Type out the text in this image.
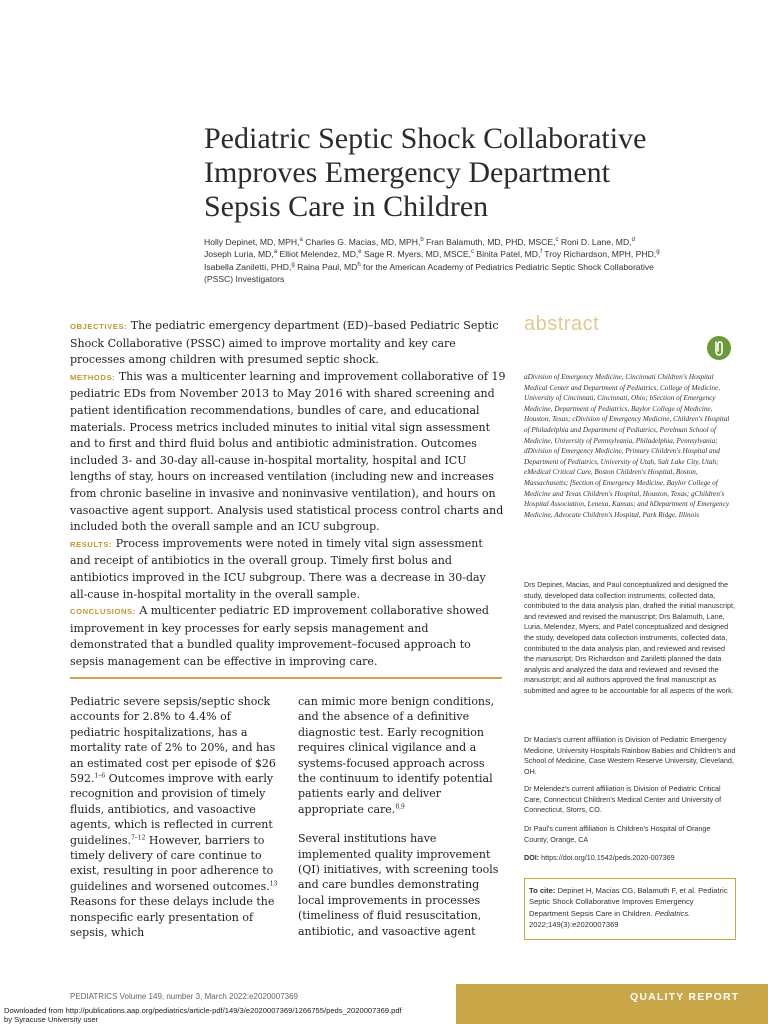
Pediatric Septic Shock Collaborative
Improves Emergency Department
Sepsis Care in Children
Holly Depinet, MD, MPH,$^a$ Charles G. Macias, MD, MPH,$^b$ Fran Balamuth, MD, PHD, MSCE,$^c$ Roni D. Lane, MD,$^d$
Joseph Luria, MD,$^a$ Elliot Melendez, MD,$^e$ Sage R. Myers, MD, MSCE,$^c$ Binita Patel, MD,$^f$ Troy Richardson, MPH, PHD,$^g$
Isabella Zaniletti, PHD,$^g$ Raina Paul, $MD^h$ for the American Academy of Pediatrics Pediatric Septic Shock Collaborative
(PSSC) Investigators

OBJECTIVES: The pediatric emergency department (ED)–based Pediatric Septic Shock Collaborative (PSSC) aimed to improve mortality and key care processes among children with presumed septic shock.

METHODS: This was a multicenter learning and improvement collaborative of 19 pediatric EDs from November 2013 to May 2016 with shared screening and patient identification recommendations, bundles of care, and educational materials. Process metrics included minutes to initial vital sign assessment and to first and third fluid bolus and antibiotic administration. Outcomes included 3- and 30-day all-cause in-hospital mortality, hospital and ICU lengths of stay, hours on increased ventilation (including new and increases from chronic baseline in invasive and noninvasive ventilation), and hours on vasoactive agent support. Analysis used statistical process control charts and included both the overall sample and an ICU subgroup.

RESULTS: Process improvements were noted in timely vital sign assessment and receipt of antibiotics in the overall group. Timely first bolus and antibiotics improved in the ICU subgroup. There was a decrease in 30-day all-cause in-hospital mortality in the overall sample.

CONCLUSIONS: A multicenter pediatric ED improvement collaborative showed improvement in key processes for early sepsis management and demonstrated that a bundled quality improvement–focused approach to sepsis management can be effective in improving care.

abstract
aDivision of Emergency Medicine, Cincinnati Children's Hospital Medical Center and Department of Pediatrics, College of Medicine, University of Cincinnati, Cincinnati, Ohio; bSection of Emergency Medicine, Department of Pediatrics, Baylor College of Medicine, Houston, Texas; cDivision of Emergency Medicine, Children's Hospital of Philadelphia and Department of Pediatrics, Perelman School of Medicine, University of Pennsylvania, Philadelphia, Pennsylvania; dDivision of Emergency Medicine, Primary Children's Hospital and Department of Pediatrics, University of Utah, Salt Lake City, Utah; eMedical Critical Care, Boston Children's Hospital, Boston, Massachusetts; fSection of Emergency Medicine, Baylor College of Medicine and Texas Children's Hospital, Houston, Texas; gChildren's Hospital Association, Lenexa, Kansas; and hDepartment of Emergency Medicine, Advocate Children's Hospital, Park Ridge, Illinois
Drs Depinet, Macias, and Paul conceptualized and designed the study, developed data collection instruments, collected data, contributed to the data analysis plan, drafted the initial manuscript, and reviewed and revised the manuscript; Drs Balamuth, Lane, Luria, Melendez, Myers, and Patel conceptualized and designed the study, developed data collection instruments, collected data, contributed to the data analysis plan, and reviewed and revised the manuscript; Drs Richardson and Zaniletti planned the data analysis and analyzed the data and reviewed and revised the manuscript; and all authors approved the final manuscript as submitted and agree to be accountable for all aspects of the work.
Dr Macias's current affiliation is Division of Pediatric Emergency Medicine, University Hospitals Rainbow Babies and Children's and School of Medicine, Case Western Reserve University, Cleveland, OH.
Dr Melendez's current affiliation is Division of Pediatric Critical Care, Connecticut Children's Medical Center and University of Connecticut, Storrs, CO.
Dr Paul's current affiliation is Children's Hospital of Orange County, Orange, CA
DOI: https://doi.org/10.1542/peds.2020-007369
To cite: Depinet H, Macias CG, Balamuth F, et al. Pediatric Septic Shock Collaborative Improves Emergency Department Sepsis Care in Children. Pediatrics. 2022;149(3):e2020007369

Pediatric severe sepsis/septic shock accounts for 2.8% to 4.4% of pediatric hospitalizations, has a mortality rate of 2% to 20%, and has an estimated cost per episode of $26 592.$^{1-6}$ Outcomes improve with early recognition and provision of timely fluids, antibiotics, and vasoactive agents, which is reflected in current guidelines.$^{7-12}$ However, barriers to timely delivery of care continue to exist, resulting in poor adherence to guidelines and worsened outcomes.$^{13}$ Reasons for these delays include the nonspecific early presentation of sepsis, which

can mimic more benign conditions, and the absence of a definitive diagnostic test. Early recognition requires clinical vigilance and a systems-focused approach across the continuum to identify potential patients early and deliver appropriate care.$^{8,9}$

Several institutions have implemented quality improvement (QI) initiatives, with screening tools and care bundles demonstrating local improvements in processes (timeliness of fluid resuscitation, antibiotic, and vasoactive agent

PEDIATRICS Volume 149, number 3, March 2022:e2020007369	QUALITY REPORT
Downloaded from http://publications.aap.org/pediatrics/article-pdf/149/3/e2020007369/1266755/peds_2020007369.pdf
by Syracuse University user
